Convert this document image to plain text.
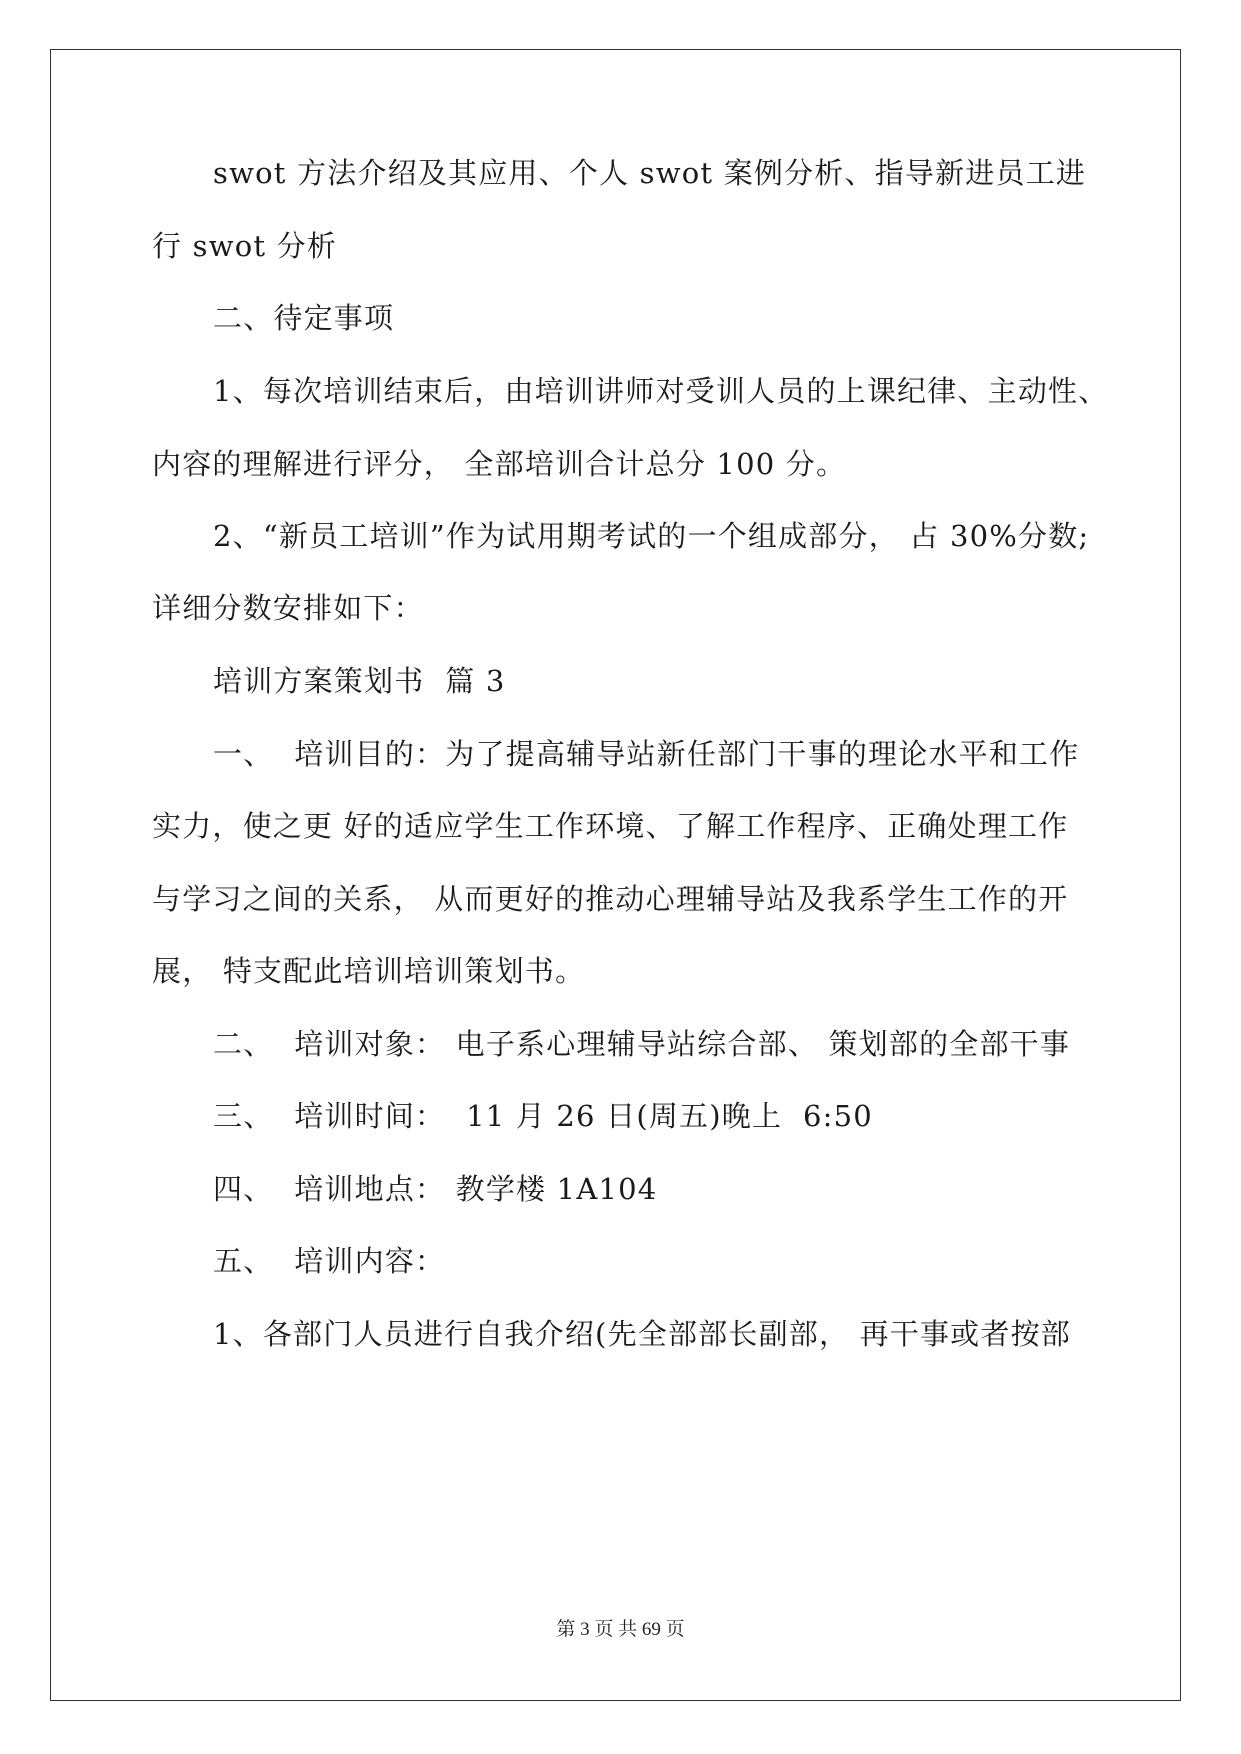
swot 方法介绍及其应用、个人 swot 案例分析、指导新进员工进
行 swot 分析
二、待定事项
1、每次培训结束后，由培训讲师对受训人员的上课纪律、主动性、
内容的理解进行评分， 全部培训合计总分 100 分。
2、“新员工培训”作为试用期考试的一个组成部分， 占 30%分数;
详细分数安排如下：
培训方案策划书  篇 3
一、  培训目的：为了提高辅导站新任部门干事的理论水平和工作
实力，使之更 好的适应学生工作环境、了解工作程序、正确处理工作
与学习之间的关系， 从而更好的推动心理辅导站及我系学生工作的开
展， 特支配此培训培训策划书。
二、  培训对象： 电子系心理辅导站综合部、 策划部的全部干事
三、  培训时间：  11 月 26 日(周五)晚上  6:50
四、  培训地点： 教学楼 1A104
五、  培训内容：
1、各部门人员进行自我介绍(先全部部长副部， 再干事或者按部
第 3 页 共 69 页
